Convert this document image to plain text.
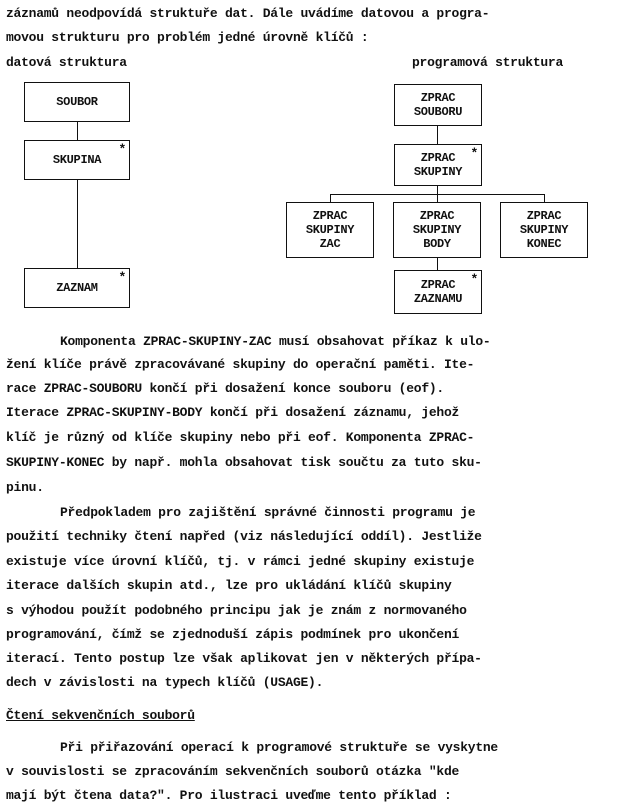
záznamů neodpovídá struktuře dat. Dále uvádíme datovou a progra-
movou strukturu pro problém jedné úrovně klíčů :
datová struktura	programová struktura
SOUBOR
SKUPINA
*
ZAZNAM
*
ZPRAC
SOUBORU
ZPRAC
SKUPINY
*
ZPRAC
SKUPINY
ZAC
ZPRAC
SKUPINY
BODY
ZPRAC
SKUPINY
KONEC
ZPRAC
ZAZNAMU
*
Komponenta ZPRAC-SKUPINY-ZAC musí obsahovat příkaz k ulo-
žení klíče právě zpracovávané skupiny do operační paměti. Ite-
race ZPRAC-SOUBORU končí při dosažení konce souboru (eof).
Iterace ZPRAC-SKUPINY-BODY končí při dosažení záznamu, jehož
klíč je různý od klíče skupiny nebo při eof. Komponenta ZPRAC-
SKUPINY-KONEC by např. mohla obsahovat tisk součtu za tuto sku-
pinu.
Předpokladem pro zajištění správné činnosti programu je
použití techniky čtení napřed (viz následující oddíl). Jestliže
existuje více úrovní klíčů, tj. v rámci jedné skupiny existuje
iterace dalších skupin atd., lze pro ukládání klíčů skupiny
s výhodou použít podobného principu jak je znám z normovaného
programování, čímž se zjednoduší zápis podmínek pro ukončení
iterací. Tento postup lze však aplikovat jen v některých přípa-
dech v závislosti na typech klíčů (USAGE).
Čtení sekvenčních souborů
Při přiřazování operací k programové struktuře se vyskytne
v souvislosti se zpracováním sekvenčních souborů otázka "kde
mají být čtena data?". Pro ilustraci uveďme tento příklad :
